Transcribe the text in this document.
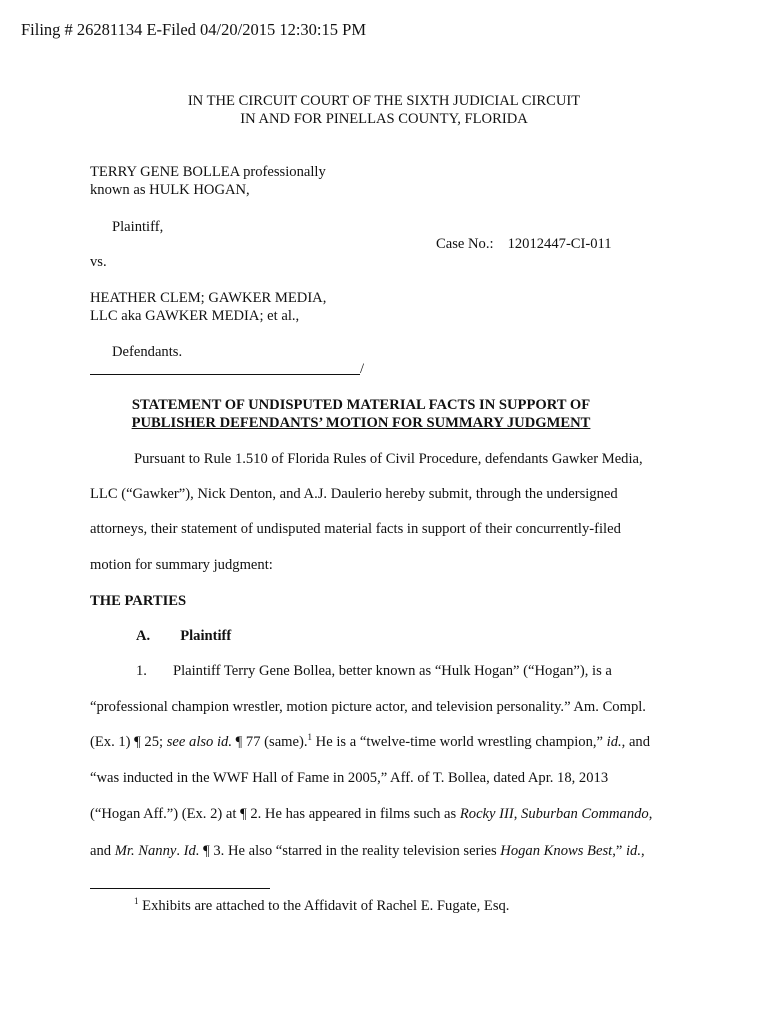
Filing # 26281134 E-Filed 04/20/2015 12:30:15 PM
IN THE CIRCUIT COURT OF THE SIXTH JUDICIAL CIRCUIT
IN AND FOR PINELLAS COUNTY, FLORIDA
TERRY GENE BOLLEA professionally
known as HULK HOGAN,
Plaintiff,
Case No.: 12012447-CI-011
vs.
HEATHER CLEM; GAWKER MEDIA,
LLC aka GAWKER MEDIA; et al.,
Defendants.
/
STATEMENT OF UNDISPUTED MATERIAL FACTS IN SUPPORT OF
PUBLISHER DEFENDANTS’ MOTION FOR SUMMARY JUDGMENT
Pursuant to Rule 1.510 of Florida Rules of Civil Procedure, defendants Gawker Media,
LLC (“Gawker”), Nick Denton, and A.J. Daulerio hereby submit, through the undersigned
attorneys, their statement of undisputed material facts in support of their concurrently-filed
motion for summary judgment:
THE PARTIES
A. Plaintiff
1. Plaintiff Terry Gene Bollea, better known as “Hulk Hogan” (“Hogan”), is a
“professional champion wrestler, motion picture actor, and television personality.” Am. Compl.
(Ex. 1) ¶ 25; see also id. ¶ 77 (same).$^1$ He is a “twelve-time world wrestling champion,” id., and
“was inducted in the WWF Hall of Fame in 2005,” Aff. of T. Bollea, dated Apr. 18, 2013
(“Hogan Aff.”) (Ex. 2) at ¶ 2. He has appeared in films such as Rocky III, Suburban Commando,
and Mr. Nanny. Id. ¶ 3. He also “starred in the reality television series Hogan Knows Best,” id.,
$^1$ Exhibits are attached to the Affidavit of Rachel E. Fugate, Esq.
